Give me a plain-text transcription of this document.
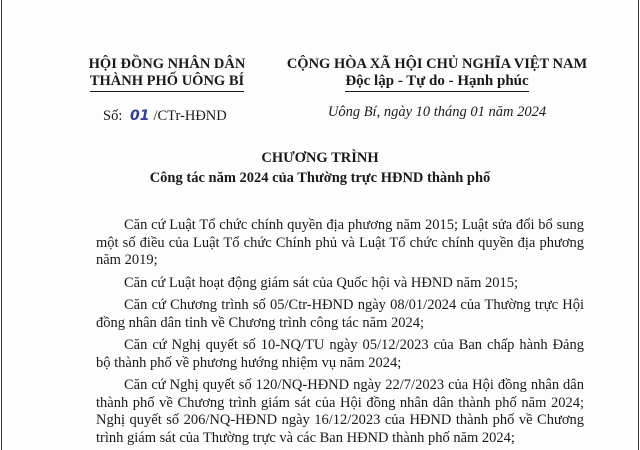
HỘI ĐỒNG NHÂN DÂN
THÀNH PHỐ UÔNG BÍ
Số: 01 /CTr-HĐND
CỘNG HÒA XÃ HỘI CHỦ NGHĨA VIỆT NAM
Độc lập - Tự do - Hạnh phúc
Uông Bí, ngày 10 tháng 01 năm 2024
CHƯƠNG TRÌNH
Công tác năm 2024 của Thường trực HĐND thành phố

Căn cứ Luật Tổ chức chính quyền địa phương năm 2015; Luật sửa đổi bổ sung một số điều của Luật Tổ chức Chính phủ và Luật Tổ chức chính quyền địa phương năm 2019;

Căn cứ Luật hoạt động giám sát của Quốc hội và HĐND năm 2015;

Căn cứ Chương trình số 05/Ctr-HĐND ngày 08/01/2024 của Thường trực Hội đồng nhân dân tỉnh về Chương trình công tác năm 2024;

Căn cứ Nghị quyết số 10-NQ/TU ngày 05/12/2023 của Ban chấp hành Đảng bộ thành phố về phương hướng nhiệm vụ năm 2024;

Căn cứ Nghị quyết số 120/NQ-HĐND ngày 22/7/2023 của Hội đồng nhân dân thành phố về Chương trình giám sát của Hội đồng nhân dân thành phố năm 2024; Nghị quyết số 206/NQ-HĐND ngày 16/12/2023 của HĐND thành phố về Chương trình giám sát của Thường trực và các Ban HĐND thành phố năm 2024;
